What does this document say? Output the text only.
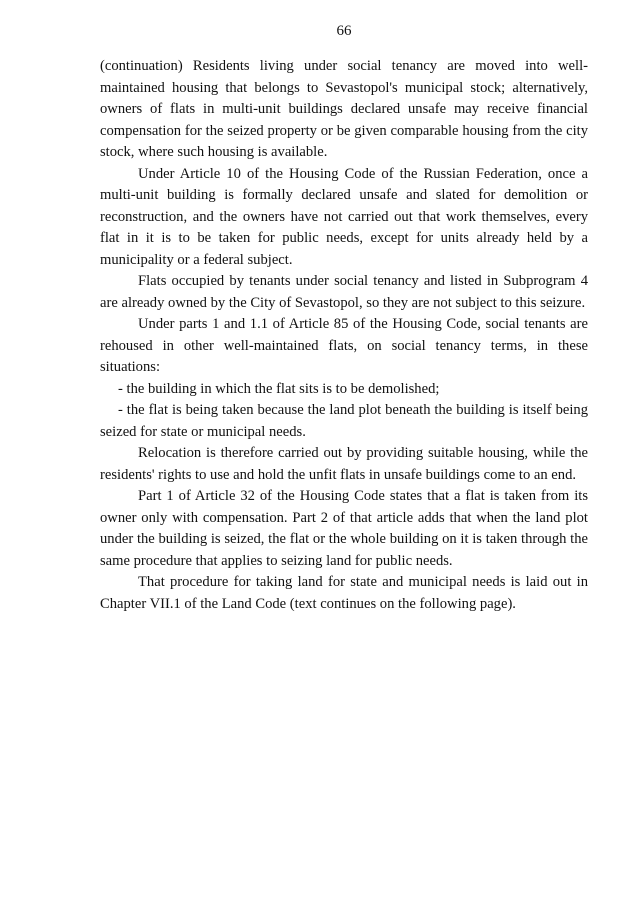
66

(continuation) Residents living under social tenancy are moved into well-maintained housing that belongs to Sevastopol's municipal stock; alternatively, owners of flats in multi-unit buildings declared unsafe may receive financial compensation for the seized property or be given comparable housing from the city stock, where such housing is available.

Under Article 10 of the Housing Code of the Russian Federation, once a multi-unit building is formally declared unsafe and slated for demolition or reconstruction, and the owners have not carried out that work themselves, every flat in it is to be taken for public needs, except for units already held by a municipality or a federal subject.

Flats occupied by tenants under social tenancy and listed in Subprogram 4 are already owned by the City of Sevastopol, so they are not subject to this seizure.

Under parts 1 and 1.1 of Article 85 of the Housing Code, social tenants are rehoused in other well-maintained flats, on social tenancy terms, in these situations:

- the building in which the flat sits is to be demolished;

- the flat is being taken because the land plot beneath the building is itself being seized for state or municipal needs.

Relocation is therefore carried out by providing suitable housing, while the residents' rights to use and hold the unfit flats in unsafe buildings come to an end.

Part 1 of Article 32 of the Housing Code states that a flat is taken from its owner only with compensation. Part 2 of that article adds that when the land plot under the building is seized, the flat or the whole building on it is taken through the same procedure that applies to seizing land for public needs.

That procedure for taking land for state and municipal needs is laid out in Chapter VII.1 of the Land Code (text continues on the following page).
